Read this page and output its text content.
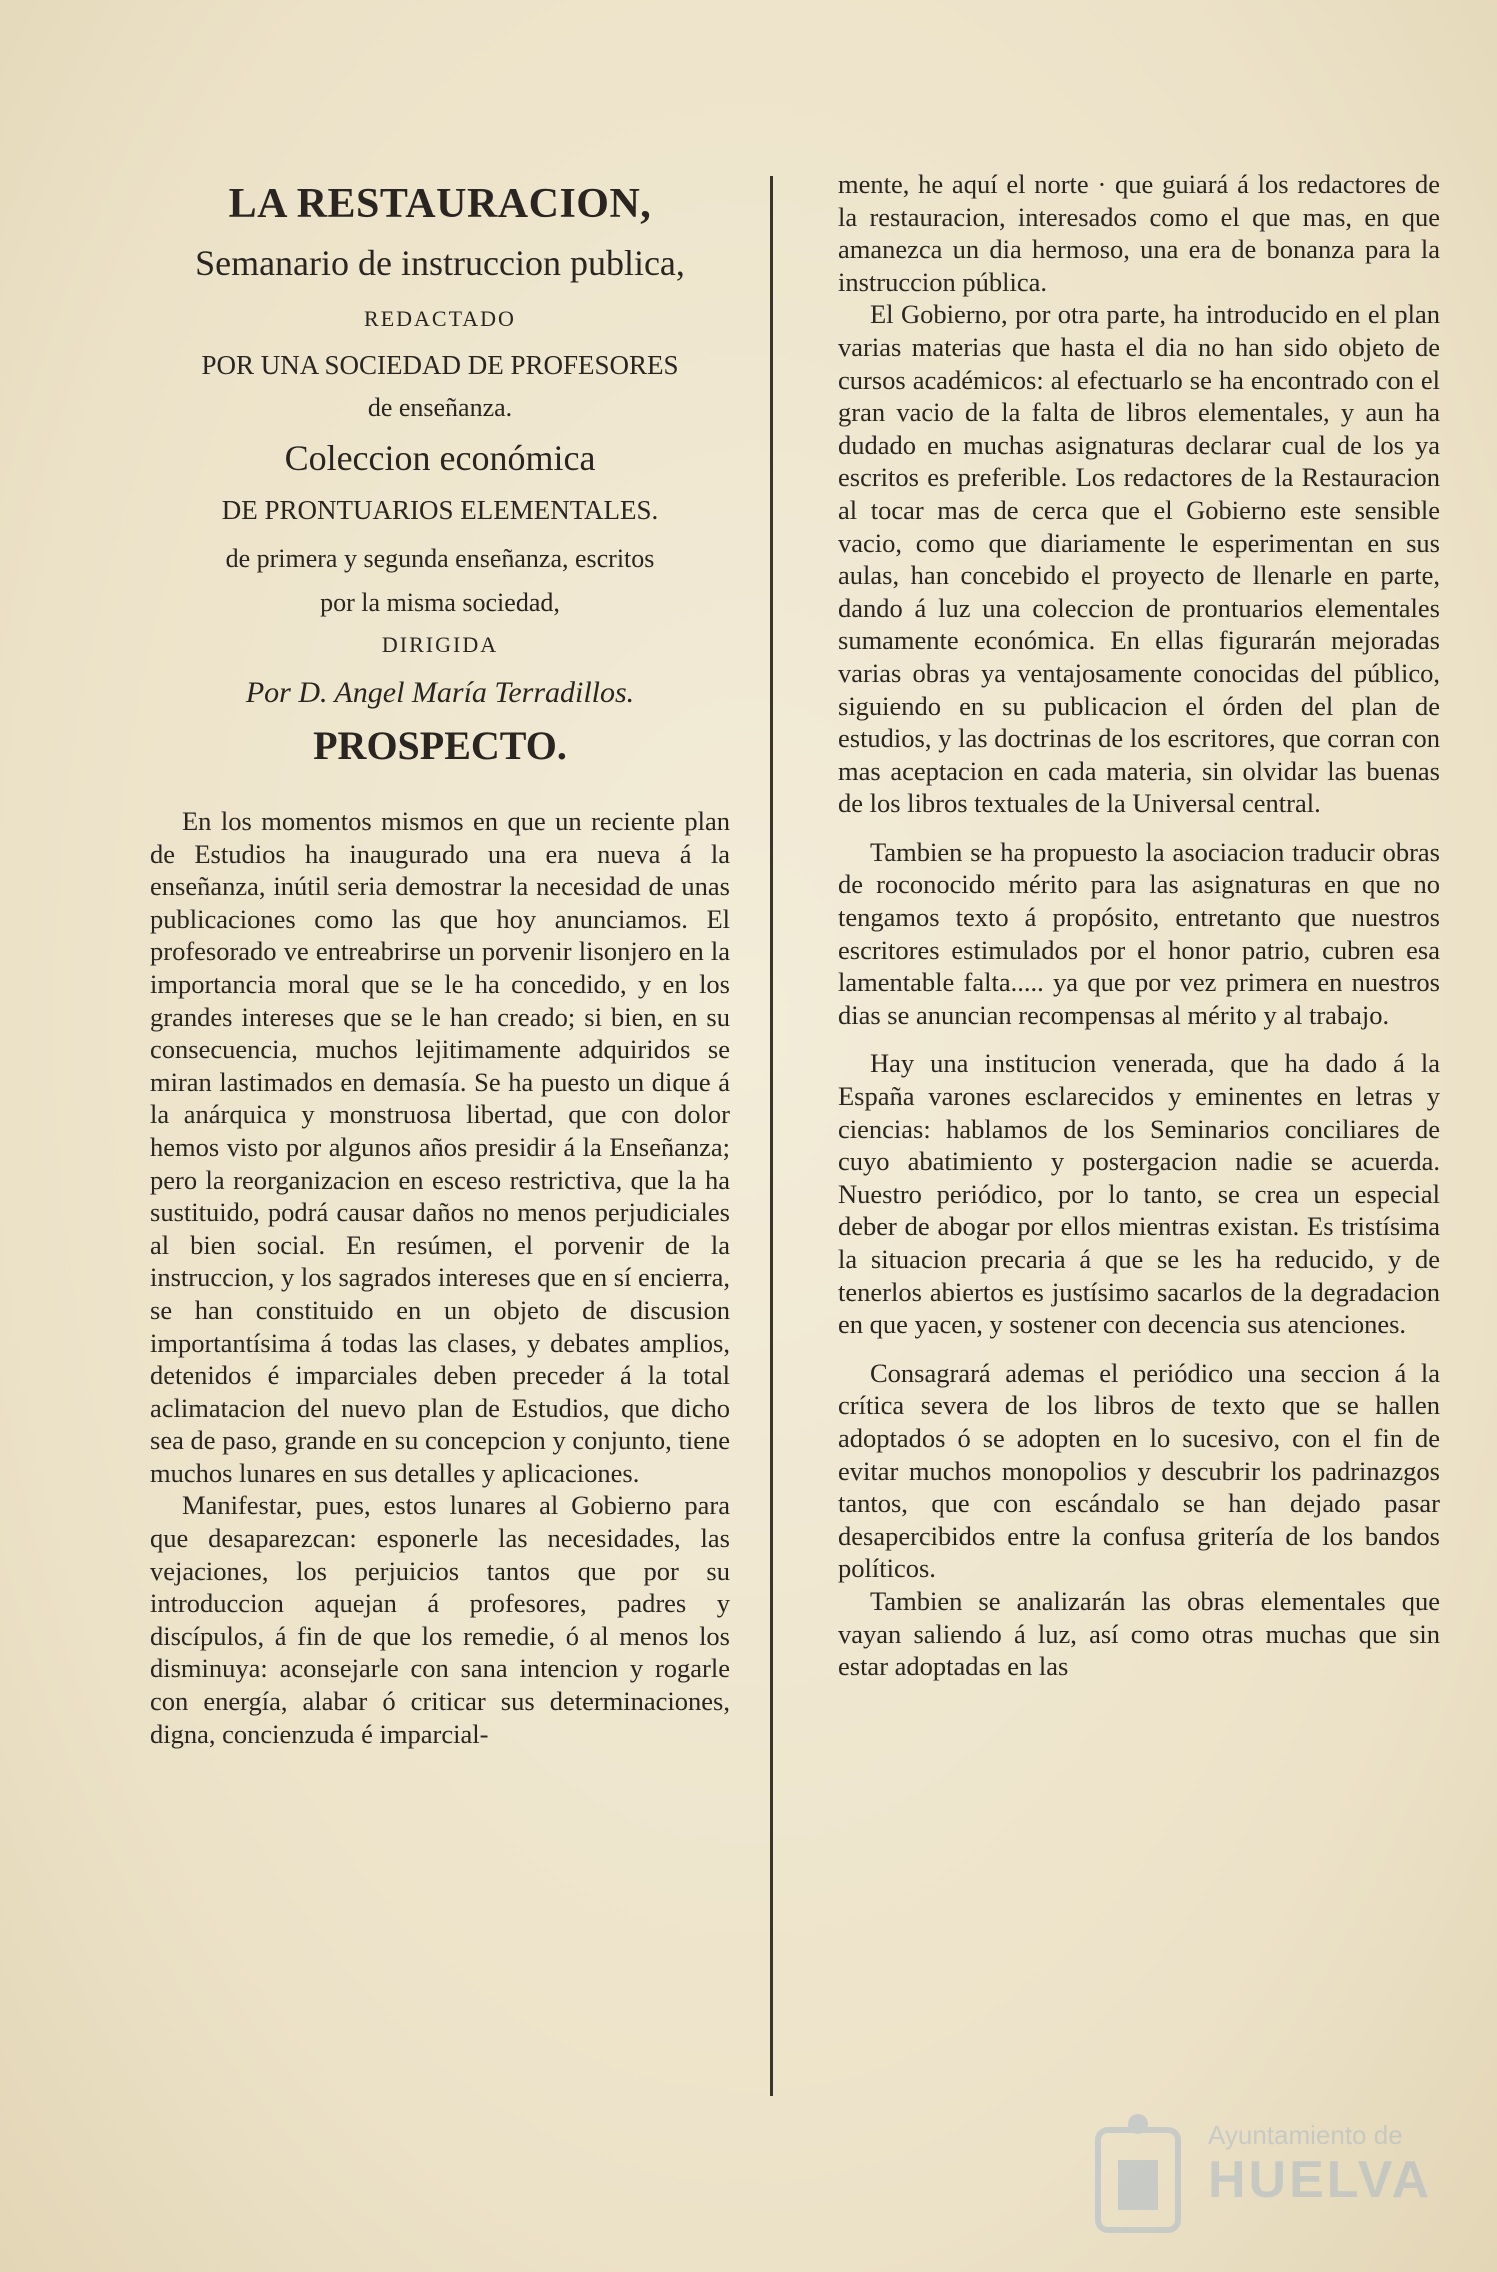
LA RESTAURACION,
Semanario de instruccion publica,
REDACTADO
POR UNA SOCIEDAD DE PROFESORES
de enseñanza.
Coleccion económica
DE PRONTUARIOS ELEMENTALES.
de primera y segunda enseñanza, escritos
por la misma sociedad,
DIRIGIDA
Por D. Angel María Terradillos.
PROSPECTO.

En los momentos mismos en que un reciente plan de Estudios ha inaugurado una era nueva á la enseñanza, inútil seria demostrar la necesidad de unas publicaciones como las que hoy anunciamos. El profesorado ve entreabrirse un porvenir lisonjero en la importancia moral que se le ha concedido, y en los grandes intereses que se le han creado; si bien, en su consecuencia, muchos lejitimamente adquiridos se miran lastimados en demasía. Se ha puesto un dique á la anárquica y monstruosa libertad, que con dolor hemos visto por algunos años presidir á la Enseñanza; pero la reorganizacion en esceso restrictiva, que la ha sustituido, podrá causar daños no menos perjudiciales al bien social. En resúmen, el porvenir de la instruccion, y los sagrados intereses que en sí encierra, se han constituido en un objeto de discusion importantísima á todas las clases, y debates amplios, detenidos é imparciales deben preceder á la total aclimatacion del nuevo plan de Estudios, que dicho sea de paso, grande en su concepcion y conjunto, tiene muchos lunares en sus detalles y aplicaciones.

Manifestar, pues, estos lunares al Gobierno para que desaparezcan: esponerle las necesidades, las vejaciones, los perjuicios tantos que por su introduccion aquejan á profesores, padres y discípulos, á fin de que los remedie, ó al menos los disminuya: aconsejarle con sana intencion y rogarle con energía, alabar ó criticar sus determinaciones, digna, concienzuda é imparcial-

mente, he aquí el norte · que guiará á los redactores de la restauracion, interesados como el que mas, en que amanezca un dia hermoso, una era de bonanza para la instruccion pública.

El Gobierno, por otra parte, ha introducido en el plan varias materias que hasta el dia no han sido objeto de cursos académicos: al efectuarlo se ha encontrado con el gran vacio de la falta de libros elementales, y aun ha dudado en muchas asignaturas declarar cual de los ya escritos es preferible. Los redactores de la Restauracion al tocar mas de cerca que el Gobierno este sensible vacio, como que diariamente le esperimentan en sus aulas, han concebido el proyecto de llenarle en parte, dando á luz una coleccion de prontuarios elementales sumamente económica. En ellas figurarán mejoradas varias obras ya ventajosamente conocidas del público, siguiendo en su publicacion el órden del plan de estudios, y las doctrinas de los escritores, que corran con mas aceptacion en cada materia, sin olvidar las buenas de los libros textuales de la Universal central.

Tambien se ha propuesto la asociacion traducir obras de roconocido mérito para las asignaturas en que no tengamos texto á propósito, entretanto que nuestros escritores estimulados por el honor patrio, cubren esa lamentable falta..... ya que por vez primera en nuestros dias se anuncian recompensas al mérito y al trabajo.

Hay una institucion venerada, que ha dado á la España varones esclarecidos y eminentes en letras y ciencias: hablamos de los Seminarios conciliares de cuyo abatimiento y postergacion nadie se acuerda. Nuestro periódico, por lo tanto, se crea un especial deber de abogar por ellos mientras existan. Es tristísima la situacion precaria á que se les ha reducido, y de tenerlos abiertos es justísimo sacarlos de la degradacion en que yacen, y sostener con decencia sus atenciones.

Consagrará ademas el periódico una seccion á la crítica severa de los libros de texto que se hallen adoptados ó se adopten en lo sucesivo, con el fin de evitar muchos monopolios y descubrir los padrinazgos tantos, que con escándalo se han dejado pasar desapercibidos entre la confusa gritería de los bandos políticos.

Tambien se analizarán las obras elementales que vayan saliendo á luz, así como otras muchas que sin estar adoptadas en las

Ayuntamiento de
HUELVA
